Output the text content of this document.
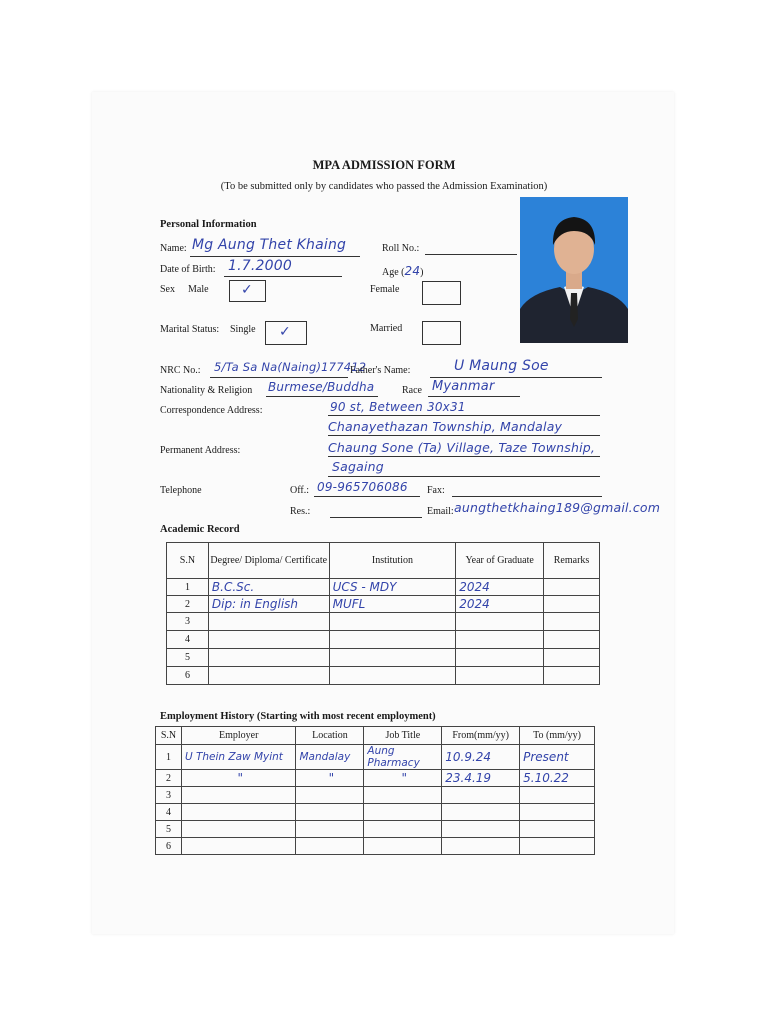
MPA ADMISSION FORM
(To be submitted only by candidates who passed the Admission Examination)
Personal Information
Name: Mg Aung Thet Khaing	Roll No.:
Date of Birth: 1.7.2000	Age (24)
Sex Male ✓	Female
Marital Status: Single ✓	Married
NRC No.: 5/Ta Sa Na(Naing)177412
Father's Name:	U Maung Soe
Nationality & Religion Burmese/Buddha	Race Myanmar
Correspondence Address:	90 st, Between 30x31
Chanayethazan Township, Mandalay
Permanent Address:	Chaung Sone (Ta) Village, Taze Township,
Sagaing
Telephone	Off.: 09-965706086 Fax:
Res.:	Email: aungthetkhaing189@gmail.com
Academic Record
S.N	Degree/ Diploma/ Certificate	Institution	Year of Graduate	Remarks
1	B.C.Sc.	UCS - MDY	2024	
2	Dip: in English	MUFL	2024	
3				
4				
5				
6				
Employment History (Starting with most recent employment)
S.N	Employer	Location	Job Title	From(mm/yy)	To (mm/yy)
1	U Thein Zaw Myint	Mandalay	Aung Pharmacy	10.9.24	Present
2	"	"	"	23.4.19	5.10.22
3					
4					
5					
6					
